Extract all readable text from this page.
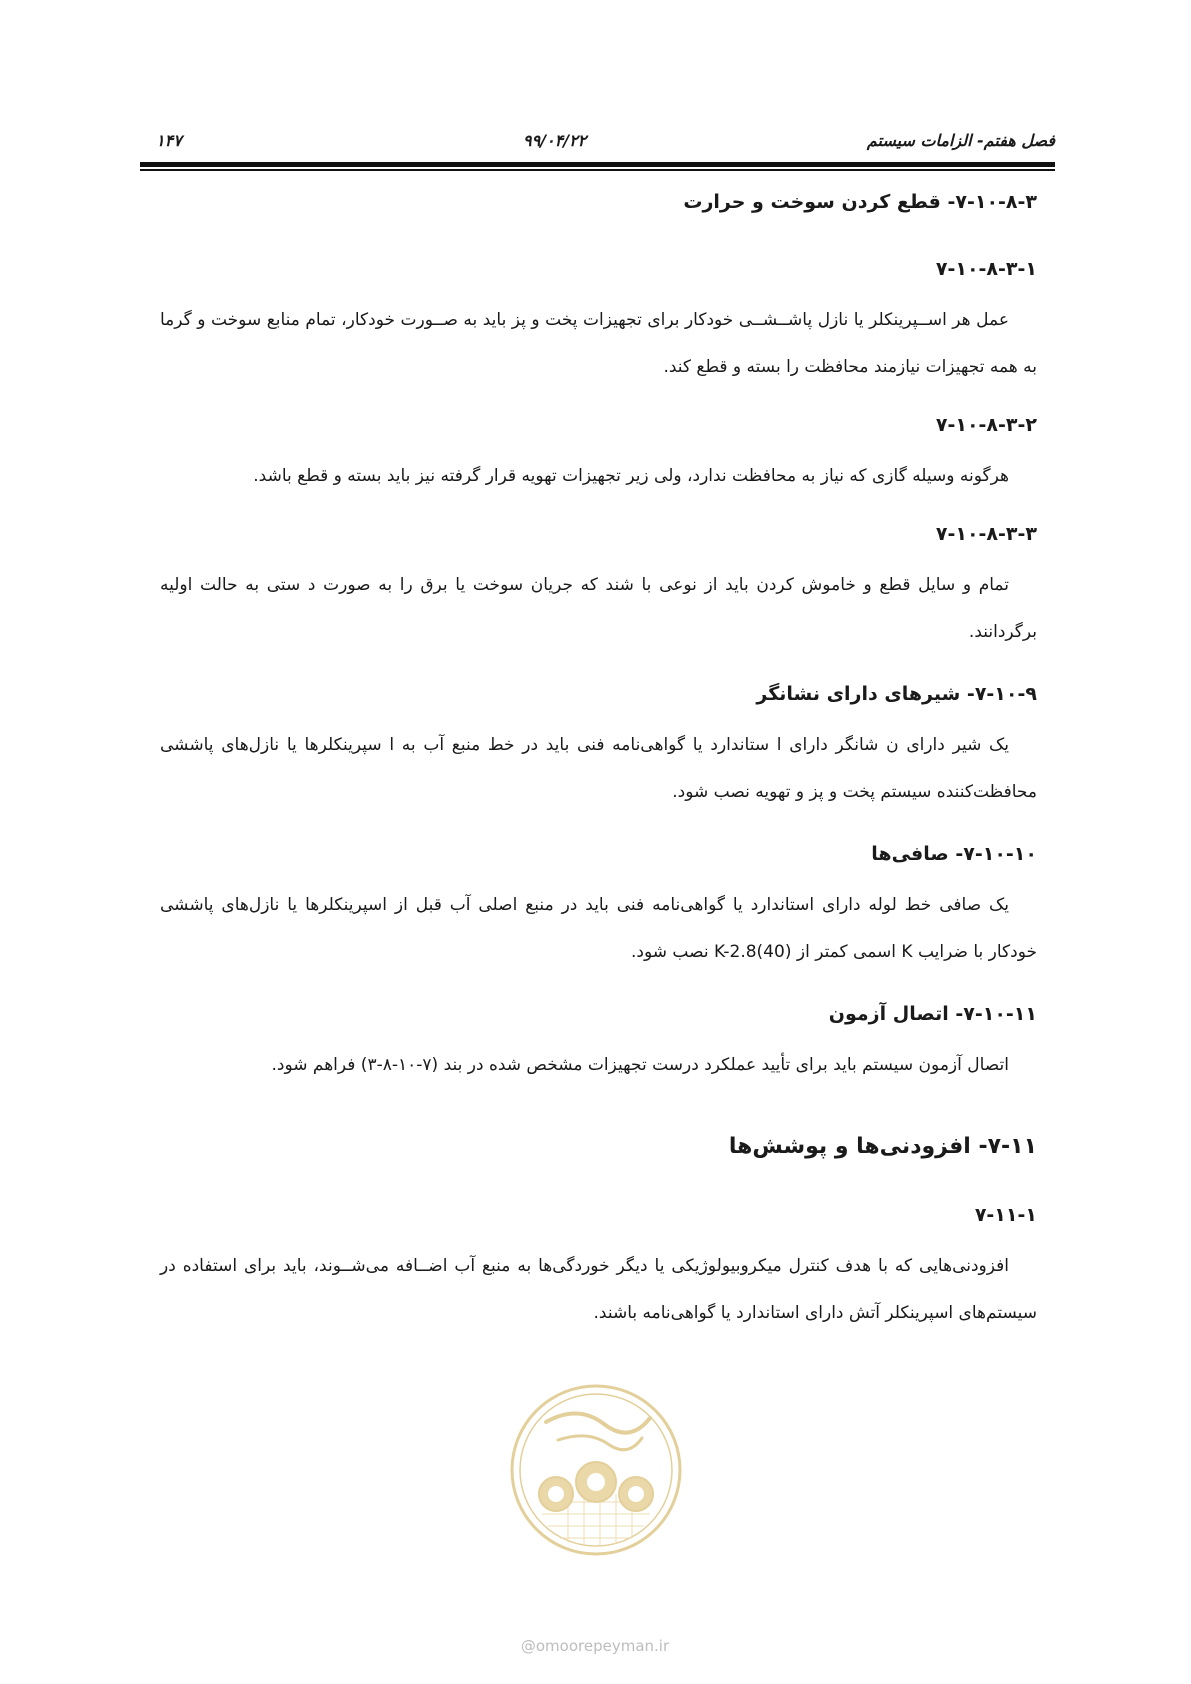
۱۴۷	۹۹/۰۴/۲۲	فصل هفتم- الزامات سیستم

۷-۱۰-۸-۳- قطع کردن سوخت و حرارت

۷-۱۰-۸-۳-۱

عمل هر اســپرینکلر یا نازل پاشــشــی خودکار برای تجهیزات پخت و پز باید به صــورت خودکار، تمام منابع سوخت و گرما به همه تجهیزات نیازمند محافظت را بسته و قطع کند.

۷-۱۰-۸-۳-۲

هرگونه وسیله گازی که نیاز به محافظت ندارد، ولی زیر تجهیزات تهویه قرار گرفته نیز باید بسته و قطع باشد.

۷-۱۰-۸-۳-۳

تمام و سایل قطع و خاموش کردن باید از نوعی با شند که جریان سوخت یا برق را به صورت د ستی به حالت اولیه برگردانند.

۷-۱۰-۹- شیرهای دارای نشانگر

یک شیر دارای ن شانگر دارای ا ستاندارد یا گواهی‌نامه فنی باید در خط منبع آب به ا سپرینکلرها یا نازل‌های پاششی محافظت‌کننده سیستم پخت و پز و تهویه نصب شود.

۷-۱۰-۱۰- صافی‌ها

یک صافی خط لوله دارای استاندارد یا گواهی‌نامه فنی باید در منبع اصلی آب قبل از اسپرینکلرها یا نازل‌های پاششی خودکار با ضرایب K اسمی کمتر از K-2.8(40) نصب شود.

۷-۱۰-۱۱- اتصال آزمون

اتصال آزمون سیستم باید برای تأیید عملکرد درست تجهیزات مشخص شده در بند (۷-۱۰-۸-۳) فراهم شود.

۷-۱۱- افزودنی‌ها و پوشش‌ها

۷-۱۱-۱

افزودنی‌هایی که با هدف کنترل میکروبیولوژیکی یا دیگر خوردگی‌ها به منبع آب اضــافه می‌شــوند، باید برای استفاده در سیستم‌های اسپرینکلر آتش دارای استاندارد یا گواهی‌نامه باشند.

@omoorepeyman.ir
